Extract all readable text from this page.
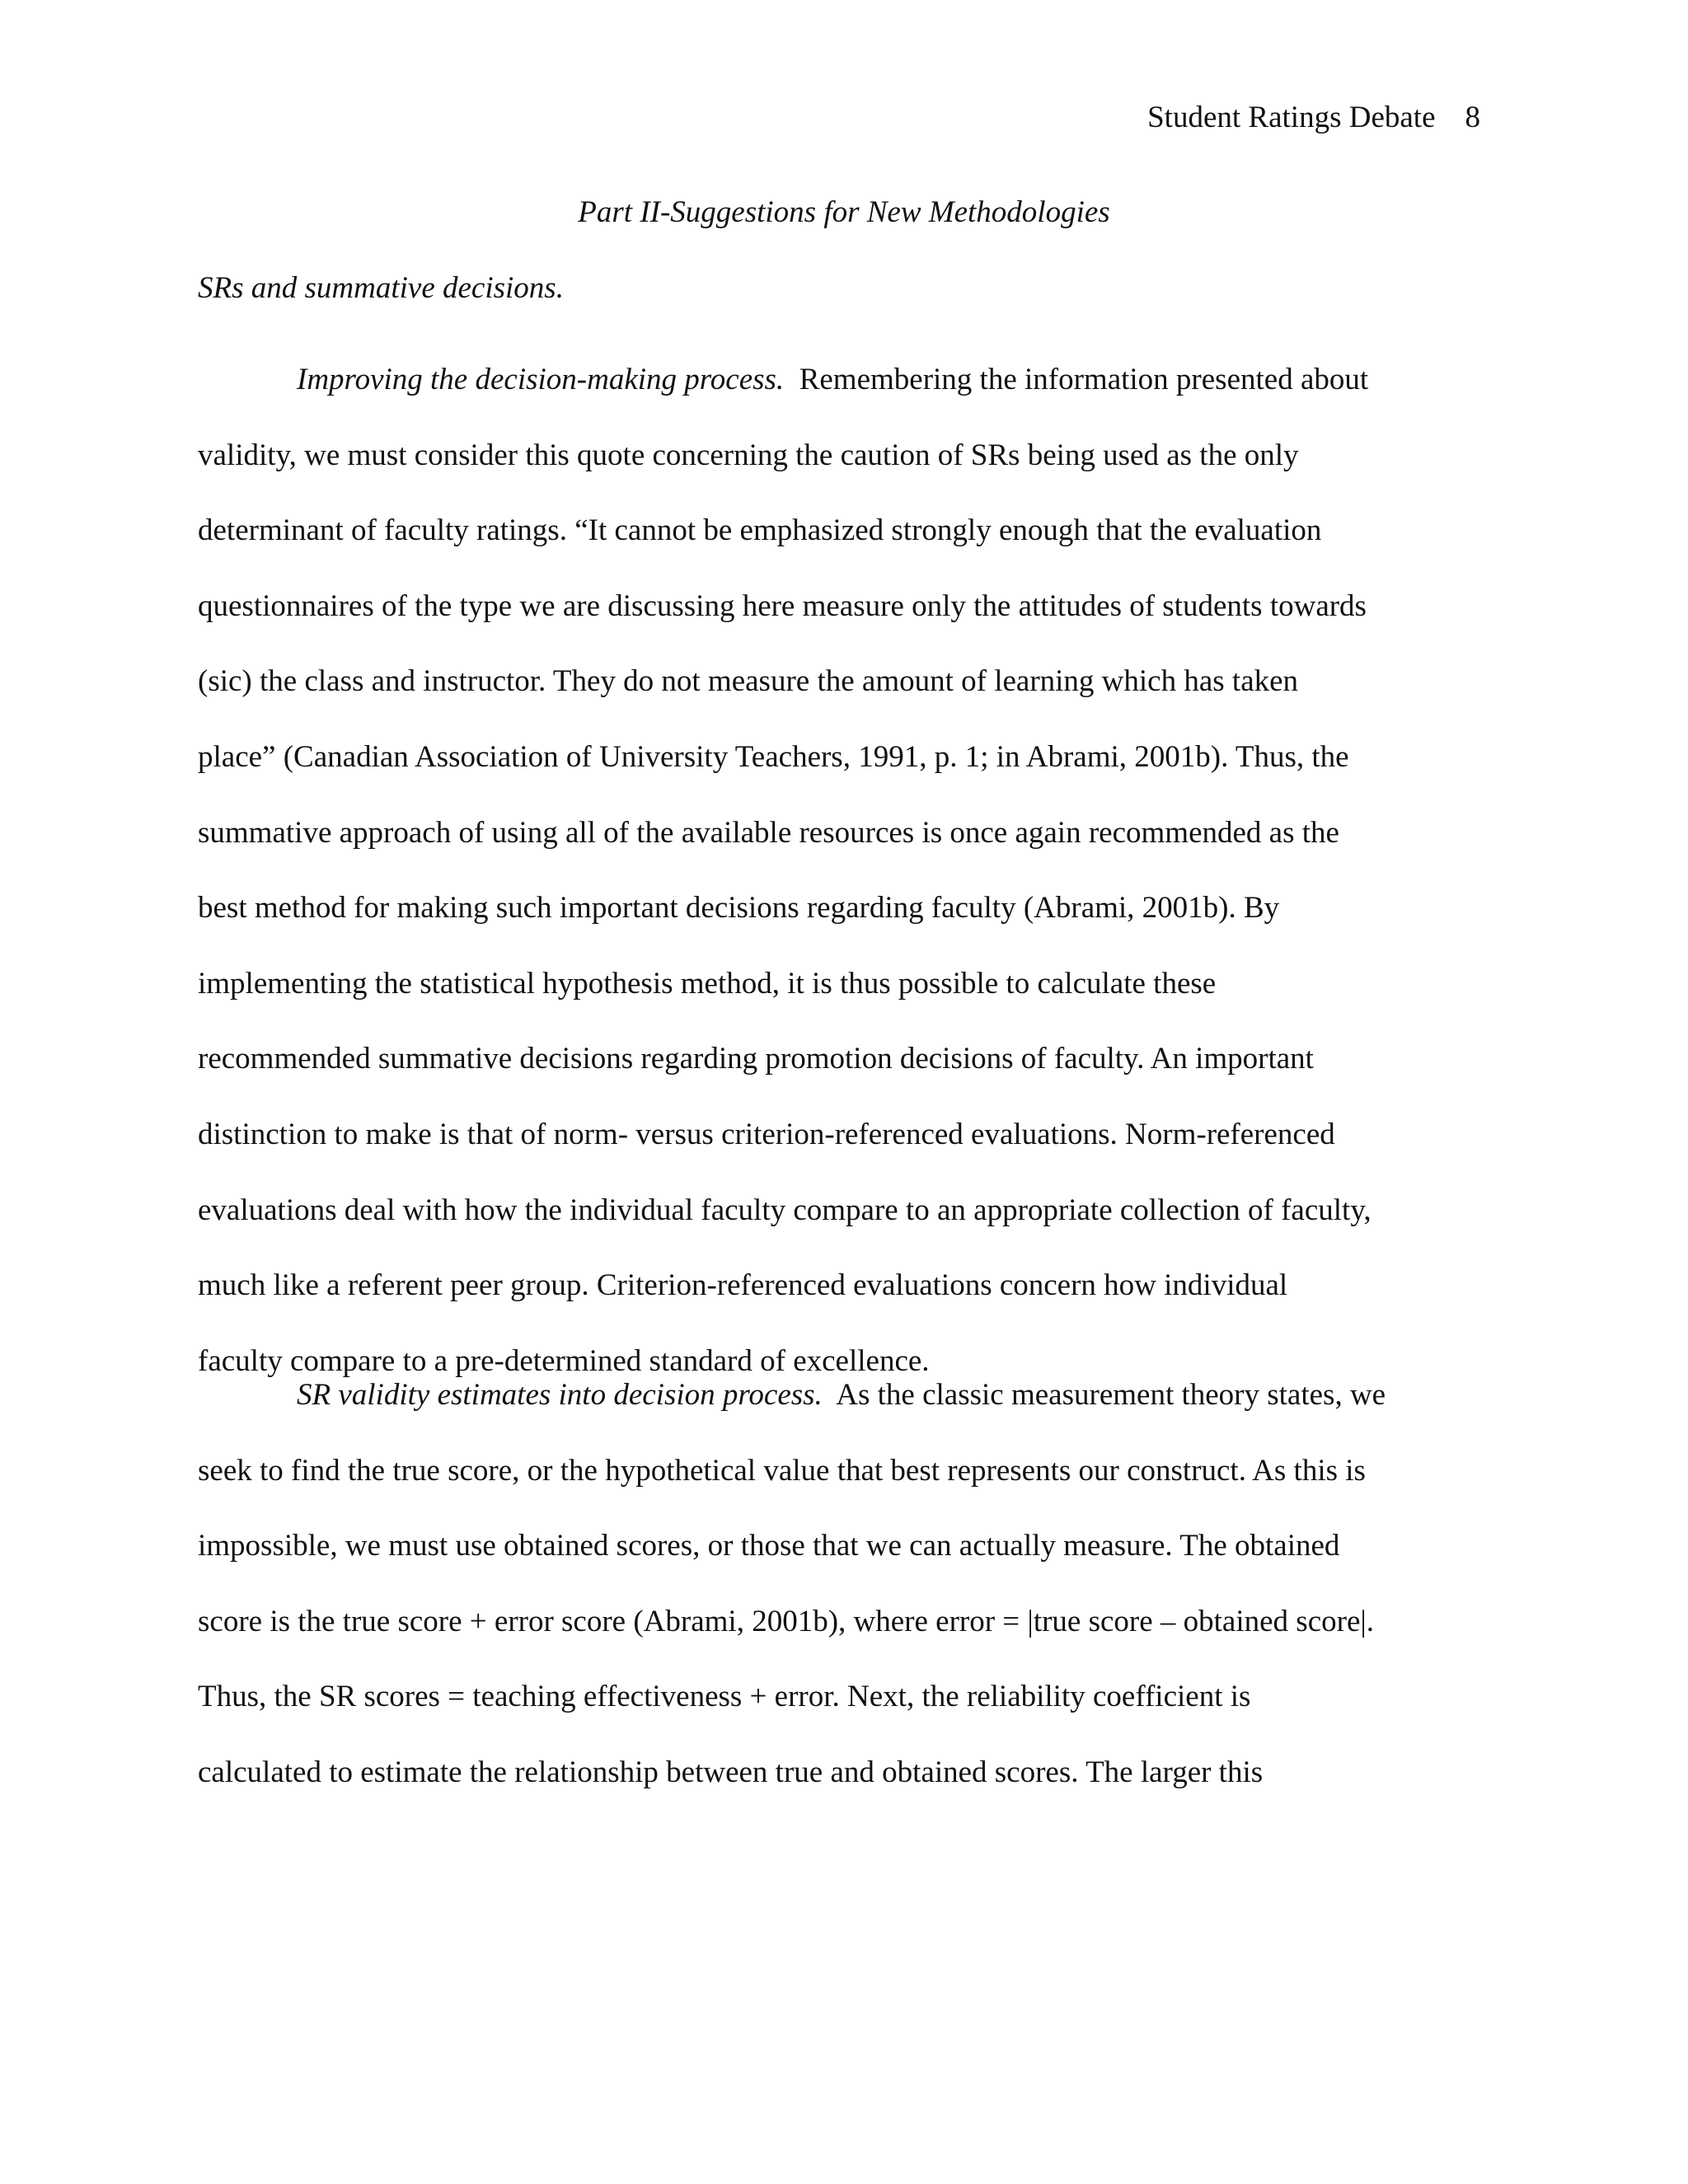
Student Ratings Debate 8
Part II-Suggestions for New Methodologies
SRs and summative decisions.
Improving the decision-making process. Remembering the information presented about
validity, we must consider this quote concerning the caution of SRs being used as the only
determinant of faculty ratings. “It cannot be emphasized strongly enough that the evaluation
questionnaires of the type we are discussing here measure only the attitudes of students towards
(sic) the class and instructor. They do not measure the amount of learning which has taken
place” (Canadian Association of University Teachers, 1991, p. 1; in Abrami, 2001b). Thus, the
summative approach of using all of the available resources is once again recommended as the
best method for making such important decisions regarding faculty (Abrami, 2001b). By
implementing the statistical hypothesis method, it is thus possible to calculate these
recommended summative decisions regarding promotion decisions of faculty. An important
distinction to make is that of norm- versus criterion-referenced evaluations. Norm-referenced
evaluations deal with how the individual faculty compare to an appropriate collection of faculty,
much like a referent peer group. Criterion-referenced evaluations concern how individual
faculty compare to a pre-determined standard of excellence.
SR validity estimates into decision process. As the classic measurement theory states, we
seek to find the true score, or the hypothetical value that best represents our construct. As this is
impossible, we must use obtained scores, or those that we can actually measure. The obtained
score is the true score + error score (Abrami, 2001b), where error = |true score – obtained score|.
Thus, the SR scores = teaching effectiveness + error. Next, the reliability coefficient is
calculated to estimate the relationship between true and obtained scores. The larger this
